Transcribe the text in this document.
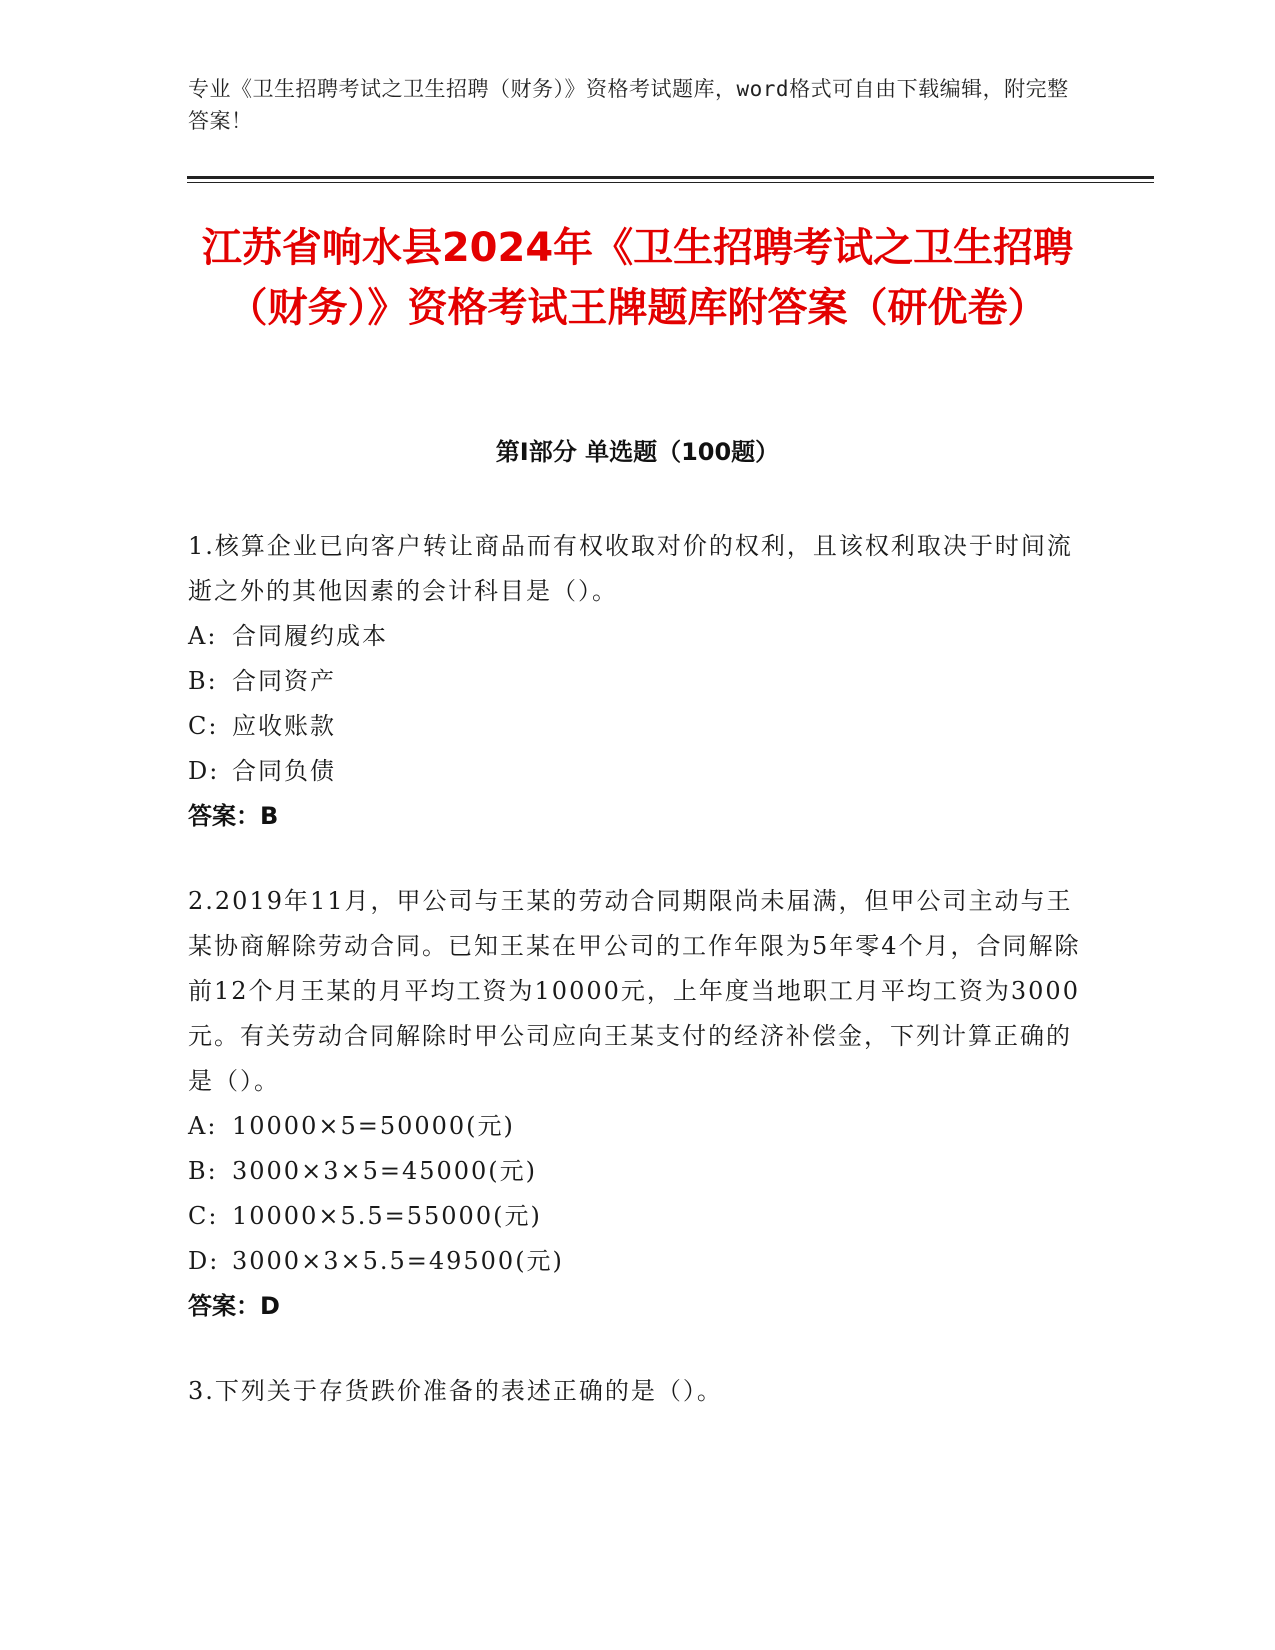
专业《卫生招聘考试之卫生招聘（财务）》资格考试题库，word格式可自由下载编辑，附完整答案！
江苏省响水县2024年《卫生招聘考试之卫生招聘（财务）》资格考试王牌题库附答案（研优卷）
第Ⅰ部分 单选题（100题）
1.核算企业已向客户转让商品而有权收取对价的权利，且该权利取决于时间流逝之外的其他因素的会计科目是（）。
A: 合同履约成本
B: 合同资产
C: 应收账款
D: 合同负债
答案：B
2.2019年11月，甲公司与王某的劳动合同期限尚未届满，但甲公司主动与王某协商解除劳动合同。已知王某在甲公司的工作年限为5年零4个月，合同解除前12个月王某的月平均工资为10000元，上年度当地职工月平均工资为3000元。有关劳动合同解除时甲公司应向王某支付的经济补偿金，下列计算正确的是（）。
A: 10000×5=50000(元)
B: 3000×3×5=45000(元)
C: 10000×5.5=55000(元)
D: 3000×3×5.5=49500(元)
答案：D
3.下列关于存货跌价准备的表述正确的是（）。
